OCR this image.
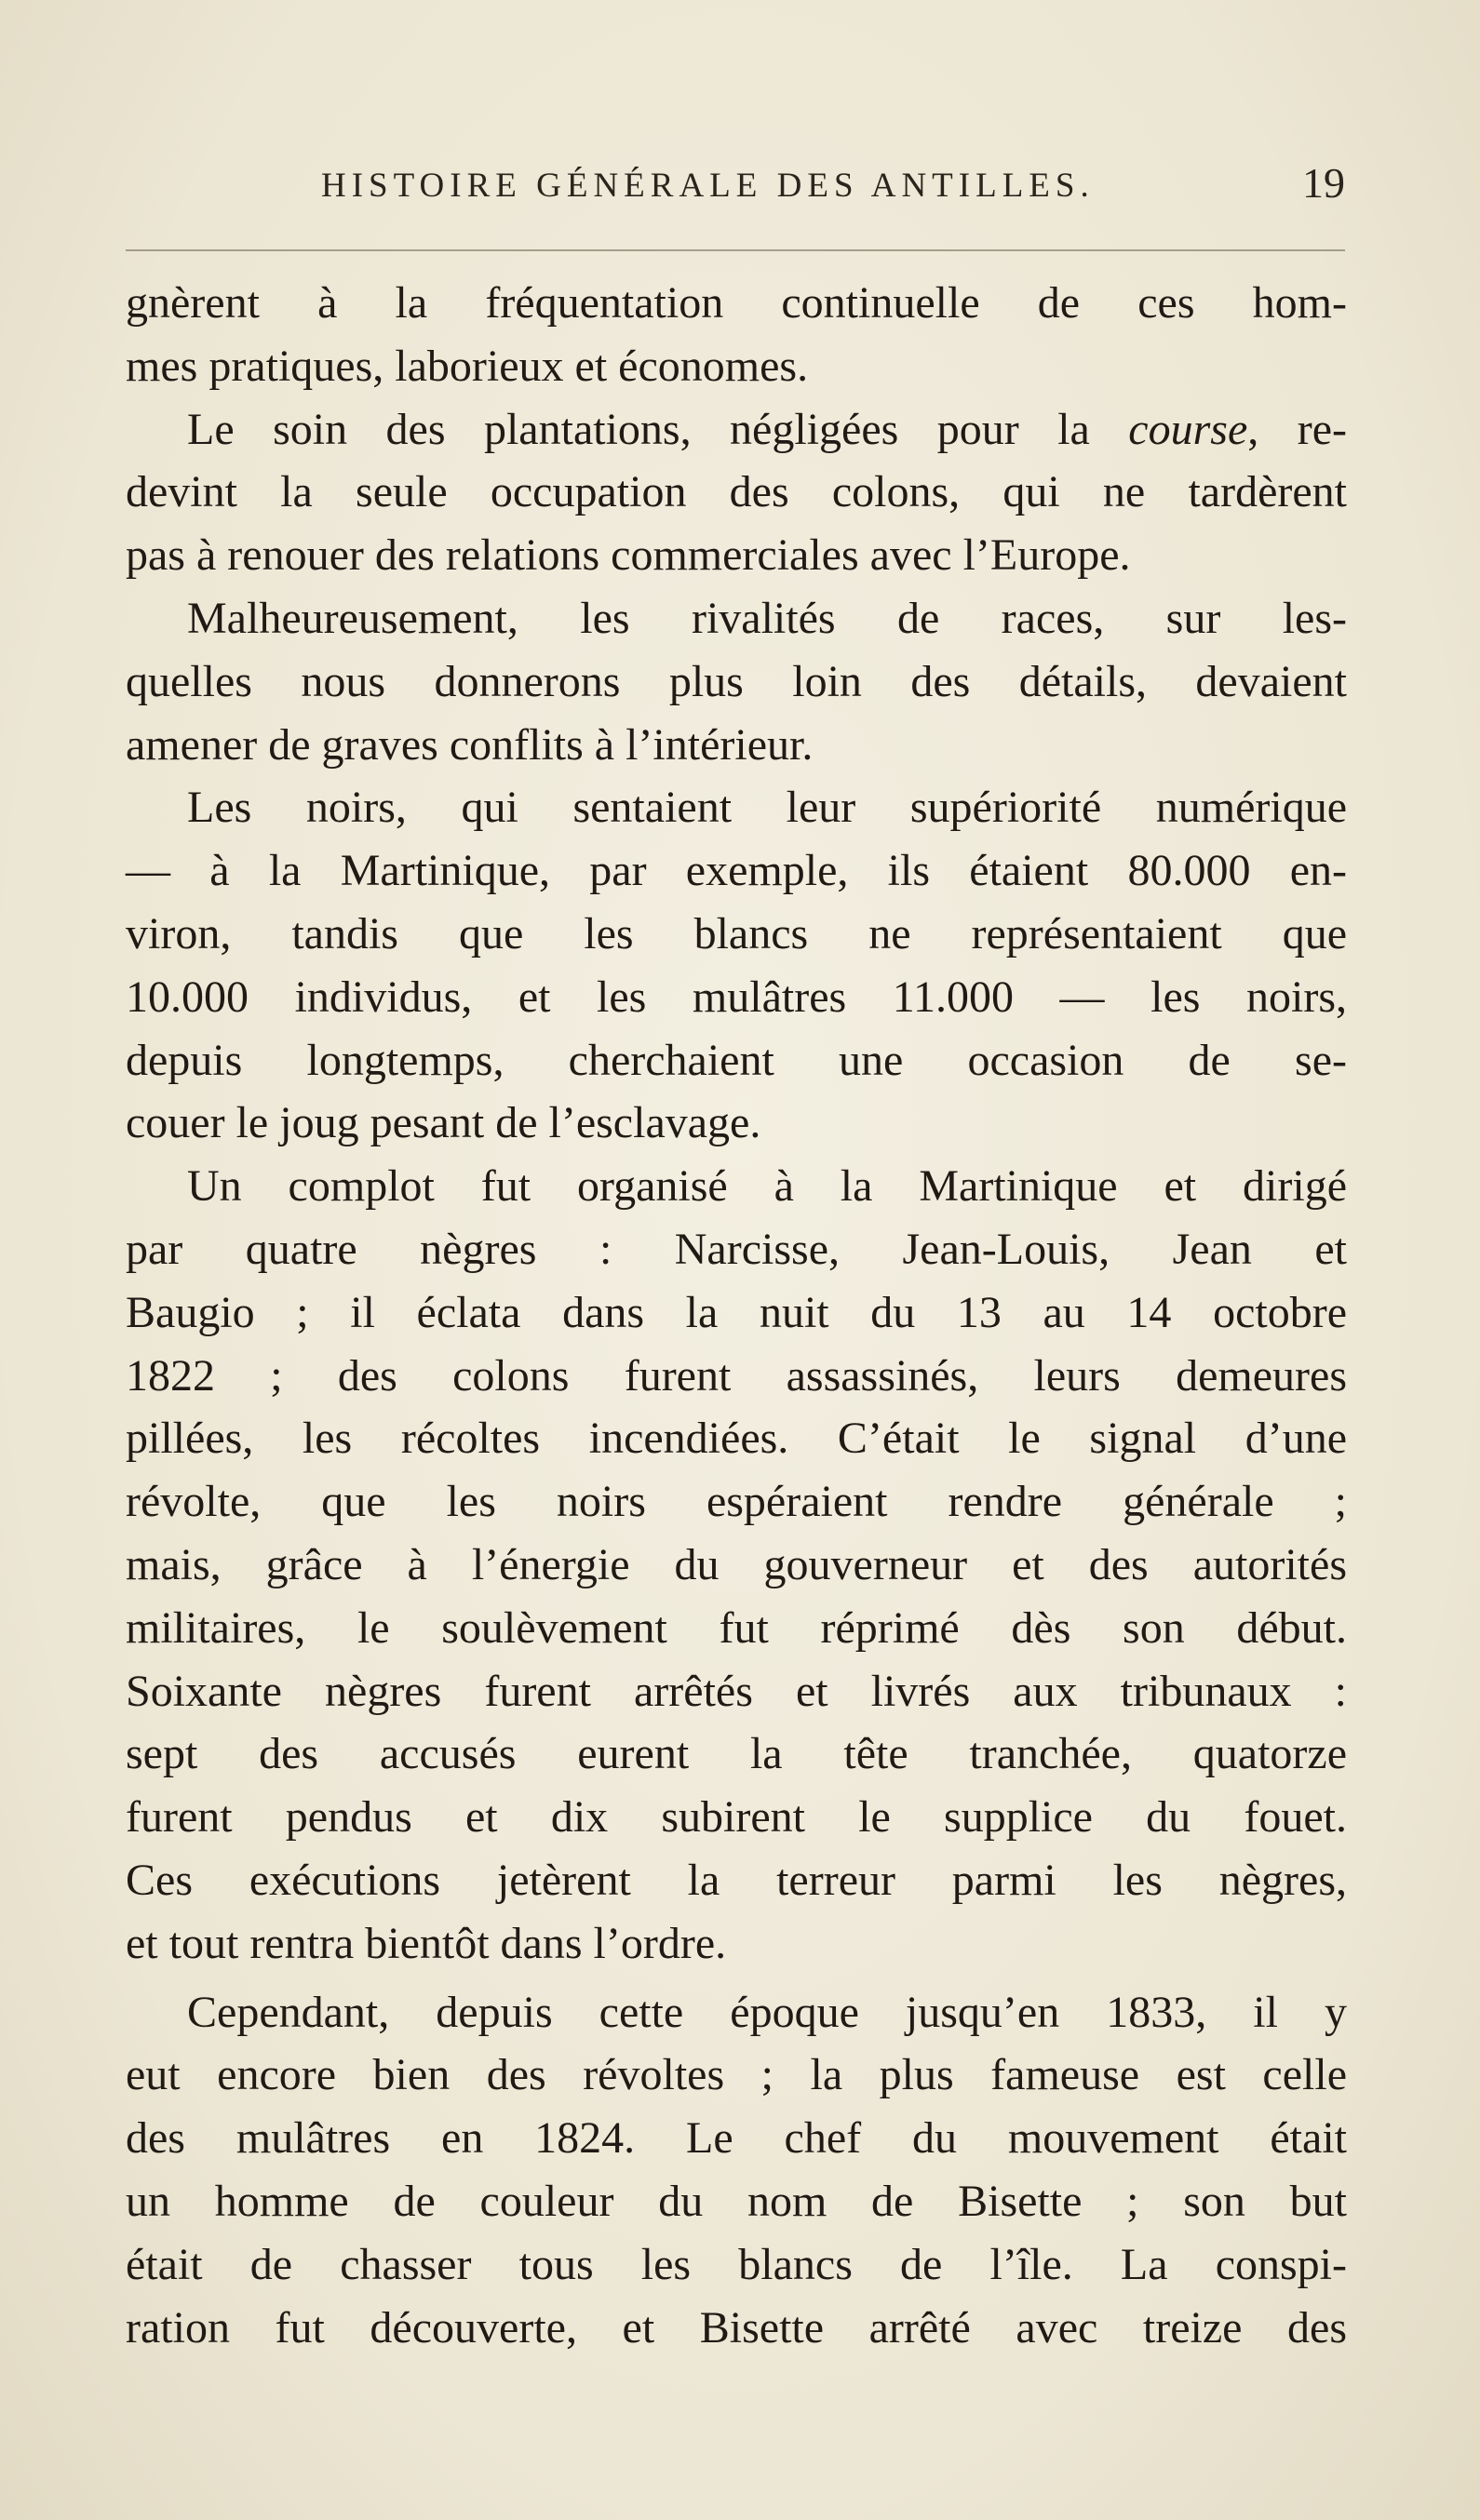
HISTOIRE GÉNÉRALE DES ANTILLES.	19
gnèrent à la fréquentation continuelle de ces hom-
mes pratiques, laborieux et économes.
Le soin des plantations, négligées pour la course, re-
devint la seule occupation des colons, qui ne tardèrent
pas à renouer des relations commerciales avec l’Europe.
Malheureusement, les rivalités de races, sur les-
quelles nous donnerons plus loin des détails, devaient
amener de graves conflits à l’intérieur.
Les noirs, qui sentaient leur supériorité numérique
— à la Martinique, par exemple, ils étaient 80.000 en-
viron, tandis que les blancs ne représentaient que
10.000 individus, et les mulâtres 11.000 — les noirs,
depuis longtemps, cherchaient une occasion de se-
couer le joug pesant de l’esclavage.
Un complot fut organisé à la Martinique et dirigé
par quatre nègres : Narcisse, Jean-Louis, Jean et
Baugio ; il éclata dans la nuit du 13 au 14 octobre
1822 ; des colons furent assassinés, leurs demeures
pillées, les récoltes incendiées. C’était le signal d’une
révolte, que les noirs espéraient rendre générale ;
mais, grâce à l’énergie du gouverneur et des autorités
militaires, le soulèvement fut réprimé dès son début.
Soixante nègres furent arrêtés et livrés aux tribunaux :
sept des accusés eurent la tête tranchée, quatorze
furent pendus et dix subirent le supplice du fouet.
Ces exécutions jetèrent la terreur parmi les nègres,
et tout rentra bientôt dans l’ordre.
Cependant, depuis cette époque jusqu’en 1833, il y
eut encore bien des révoltes ; la plus fameuse est celle
des mulâtres en 1824. Le chef du mouvement était
un homme de couleur du nom de Bisette ; son but
était de chasser tous les blancs de l’île. La conspi-
ration fut découverte, et Bisette arrêté avec treize des
